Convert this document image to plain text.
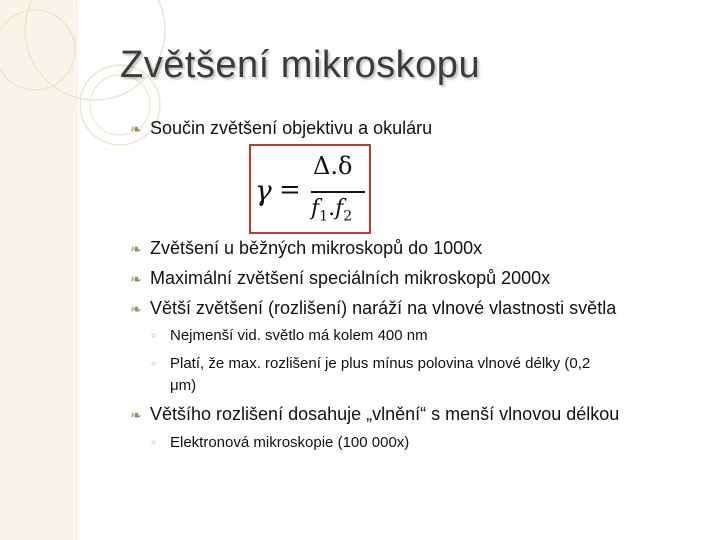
Zvětšení mikroskopu
❧ Součin zvětšení objektivu a okuláru
γ =
Δ.δ
$f_1.f_2$
❧ Zvětšení u běžných mikroskopů do 1000x
❧ Maximální zvětšení speciálních mikroskopů 2000x
❧ Větší zvětšení (rozlišení) naráží na vlnové vlastnosti světla
◦ Nejmenší vid. světlo má kolem 400 nm
◦ Platí, že max. rozlišení je plus mínus polovina vlnové délky (0,2
μm)
❧ Většího rozlišení dosahuje „vlnění“ s menší vlnovou délkou
◦ Elektronová mikroskopie (100 000x)
